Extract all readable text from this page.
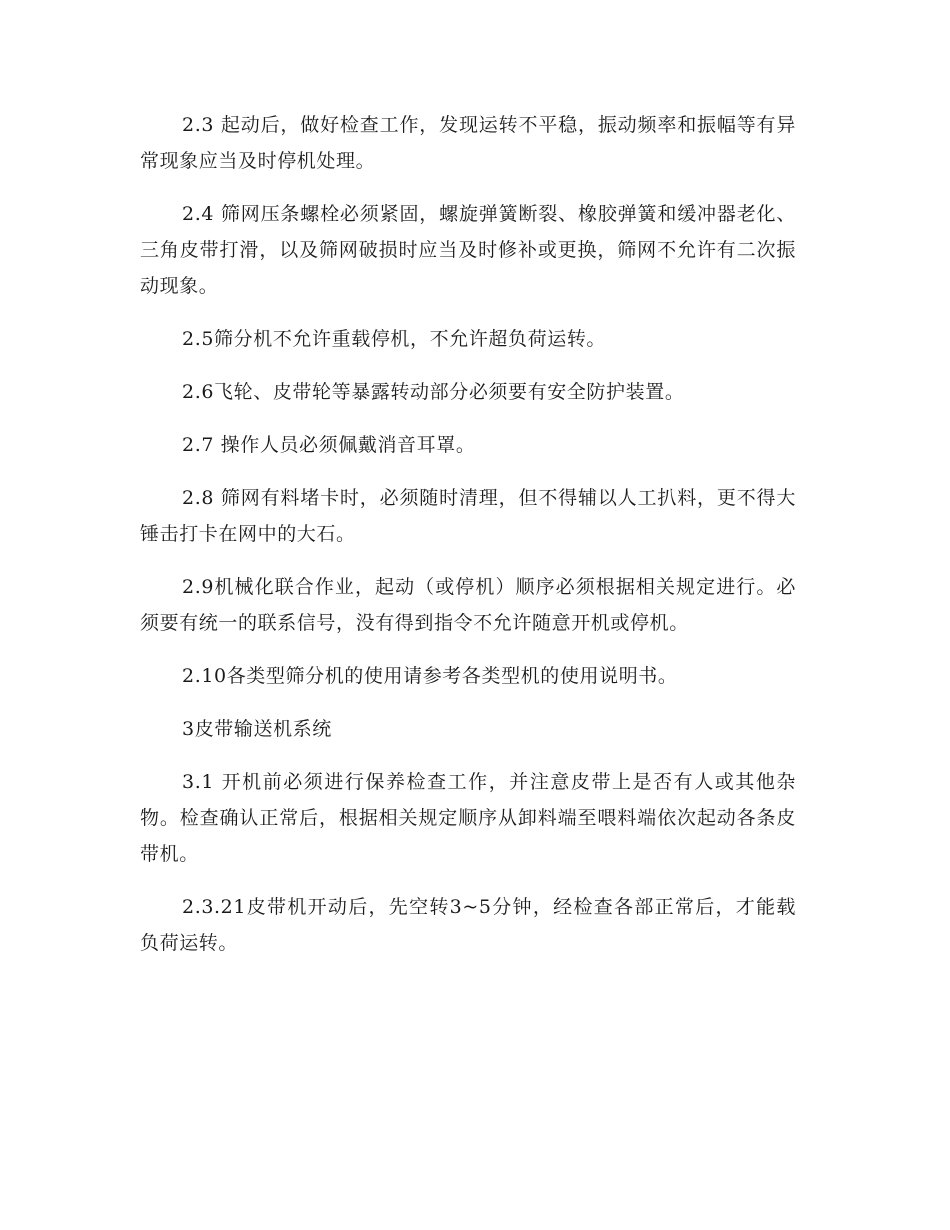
2.3 起动后，做好检查工作，发现运转不平稳，振动频率和振幅等有异常现象应当及时停机处理。

2.4 筛网压条螺栓必须紧固，螺旋弹簧断裂、橡胶弹簧和缓冲器老化、三角皮带打滑，以及筛网破损时应当及时修补或更换，筛网不允许有二次振动现象。

2.5筛分机不允许重载停机，不允许超负荷运转。

2.6飞轮、皮带轮等暴露转动部分必须要有安全防护装置。

2.7 操作人员必须佩戴消音耳罩。

2.8 筛网有料堵卡时，必须随时清理，但不得辅以人工扒料，更不得大锤击打卡在网中的大石。

2.9机械化联合作业，起动（或停机）顺序必须根据相关规定进行。必须要有统一的联系信号，没有得到指令不允许随意开机或停机。

2.10各类型筛分机的使用请参考各类型机的使用说明书。

3皮带输送机系统

3.1 开机前必须进行保养检查工作，并注意皮带上是否有人或其他杂物。检查确认正常后，根据相关规定顺序从卸料端至喂料端依次起动各条皮带机。

2.3.21皮带机开动后，先空转3~5分钟，经检查各部正常后，才能载负荷运转。
